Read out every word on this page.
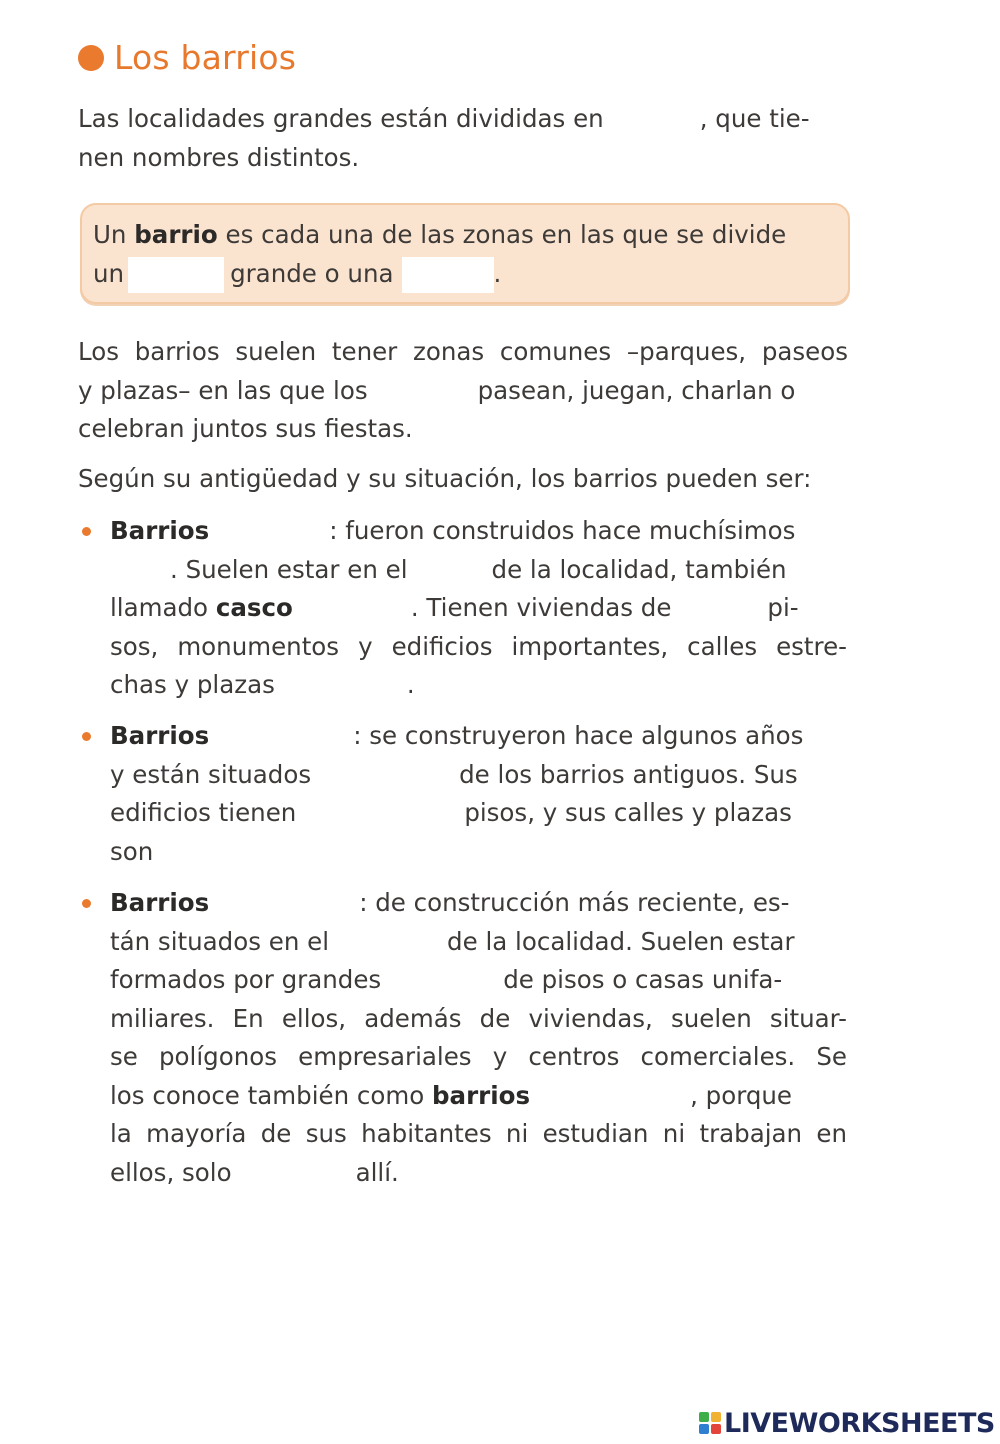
Los barrios
Las localidades grandes están divididas en	, que tie-
nen nombres distintos.
Un barrio es cada una de las zonas en las que se divide
un	grande o una	.
Los barrios suelen tener zonas comunes –parques, paseos
y plazas– en las que los	pasean, juegan, charlan o
celebran juntos sus fiestas.
Según su antigüedad y su situación, los barrios pueden ser:
Barrios	: fueron construidos hace muchísimos
. Suelen estar en el	de la localidad, también
llamado casco	. Tienen viviendas de	pi-
sos, monumentos y edificios importantes, calles estre-
chas y plazas	.
Barrios	: se construyeron hace algunos años
y están situados	de los barrios antiguos. Sus
edificios tienen	pisos, y sus calles y plazas
son
Barrios	: de construcción más reciente, es-
tán situados en el	de la localidad. Suelen estar
formados por grandes	de pisos o casas unifa-
miliares. En ellos, además de viviendas, suelen situar-
se polígonos empresariales y centros comerciales. Se
los conoce también como barrios	, porque
la mayoría de sus habitantes ni estudian ni trabajan en
ellos, solo	allí.
LIVEWORKSHEETS
